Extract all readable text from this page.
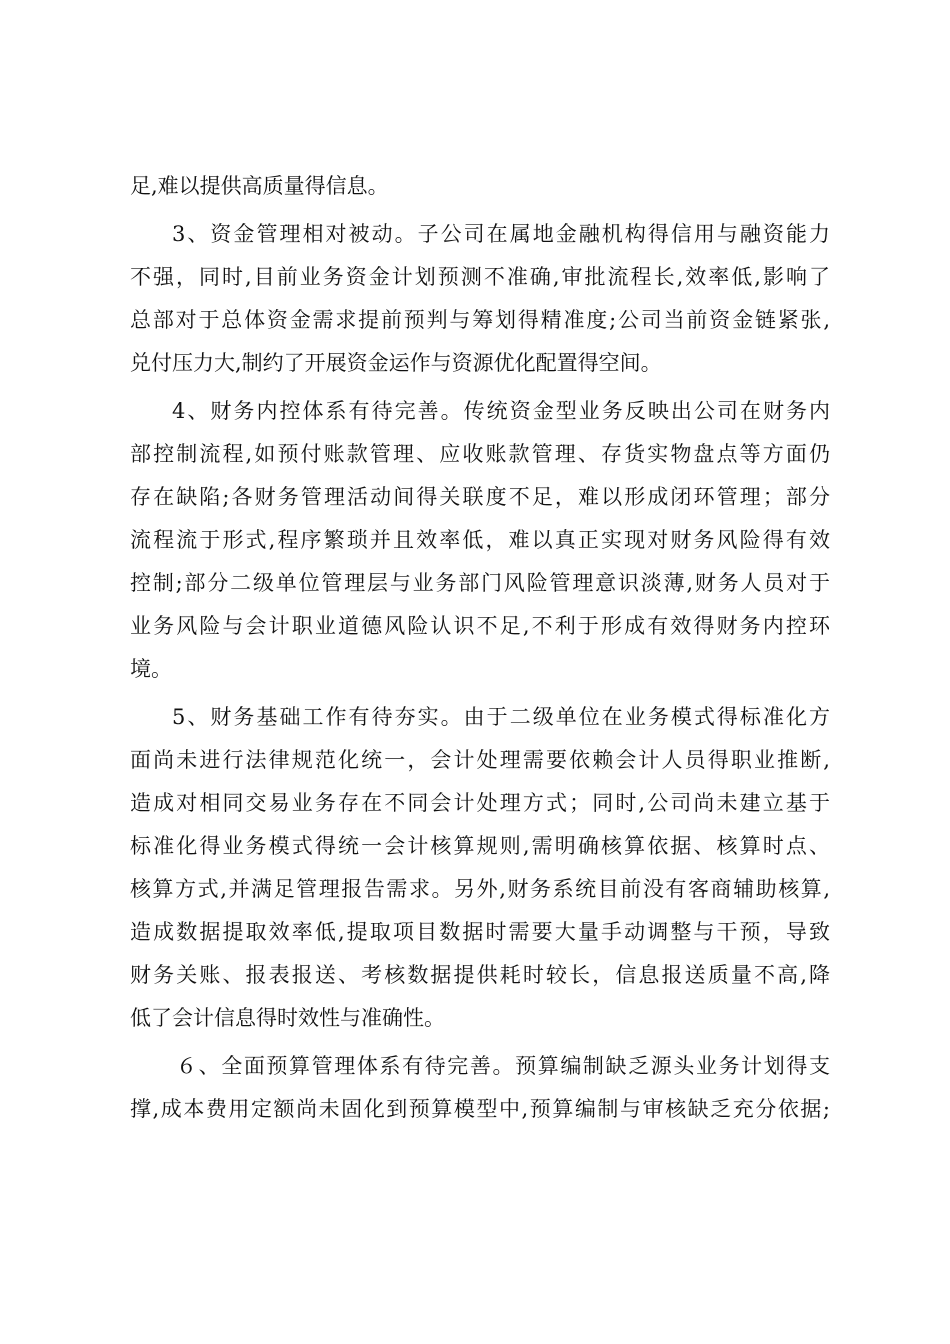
足,难以提供高质量得信息。
3、资金管理相对被动。子公司在属地金融机构得信用与融资能力
不强，同时,目前业务资金计划预测不准确,审批流程长,效率低,影响了
总部对于总体资金需求提前预判与筹划得精准度;公司当前资金链紧张,
兑付压力大,制约了开展资金运作与资源优化配置得空间。
4、财务内控体系有待完善。传统资金型业务反映出公司在财务内
部控制流程,如预付账款管理、应收账款管理、存货实物盘点等方面仍
存在缺陷;各财务管理活动间得关联度不足，难以形成闭环管理；部分
流程流于形式,程序繁琐并且效率低，难以真正实现对财务风险得有效
控制;部分二级单位管理层与业务部门风险管理意识淡薄,财务人员对于
业务风险与会计职业道德风险认识不足,不利于形成有效得财务内控环
境。
5、财务基础工作有待夯实。由于二级单位在业务模式得标准化方
面尚未进行法律规范化统一，会计处理需要依赖会计人员得职业推断,
造成对相同交易业务存在不同会计处理方式；同时,公司尚未建立基于
标准化得业务模式得统一会计核算规则,需明确核算依据、核算时点、
核算方式,并满足管理报告需求。另外,财务系统目前没有客商辅助核算,
造成数据提取效率低,提取项目数据时需要大量手动调整与干预，导致
财务关账、报表报送、考核数据提供耗时较长，信息报送质量不高,降
低了会计信息得时效性与准确性。
６、全面预算管理体系有待完善。预算编制缺乏源头业务计划得支
撑,成本费用定额尚未固化到预算模型中,预算编制与审核缺乏充分依据;
